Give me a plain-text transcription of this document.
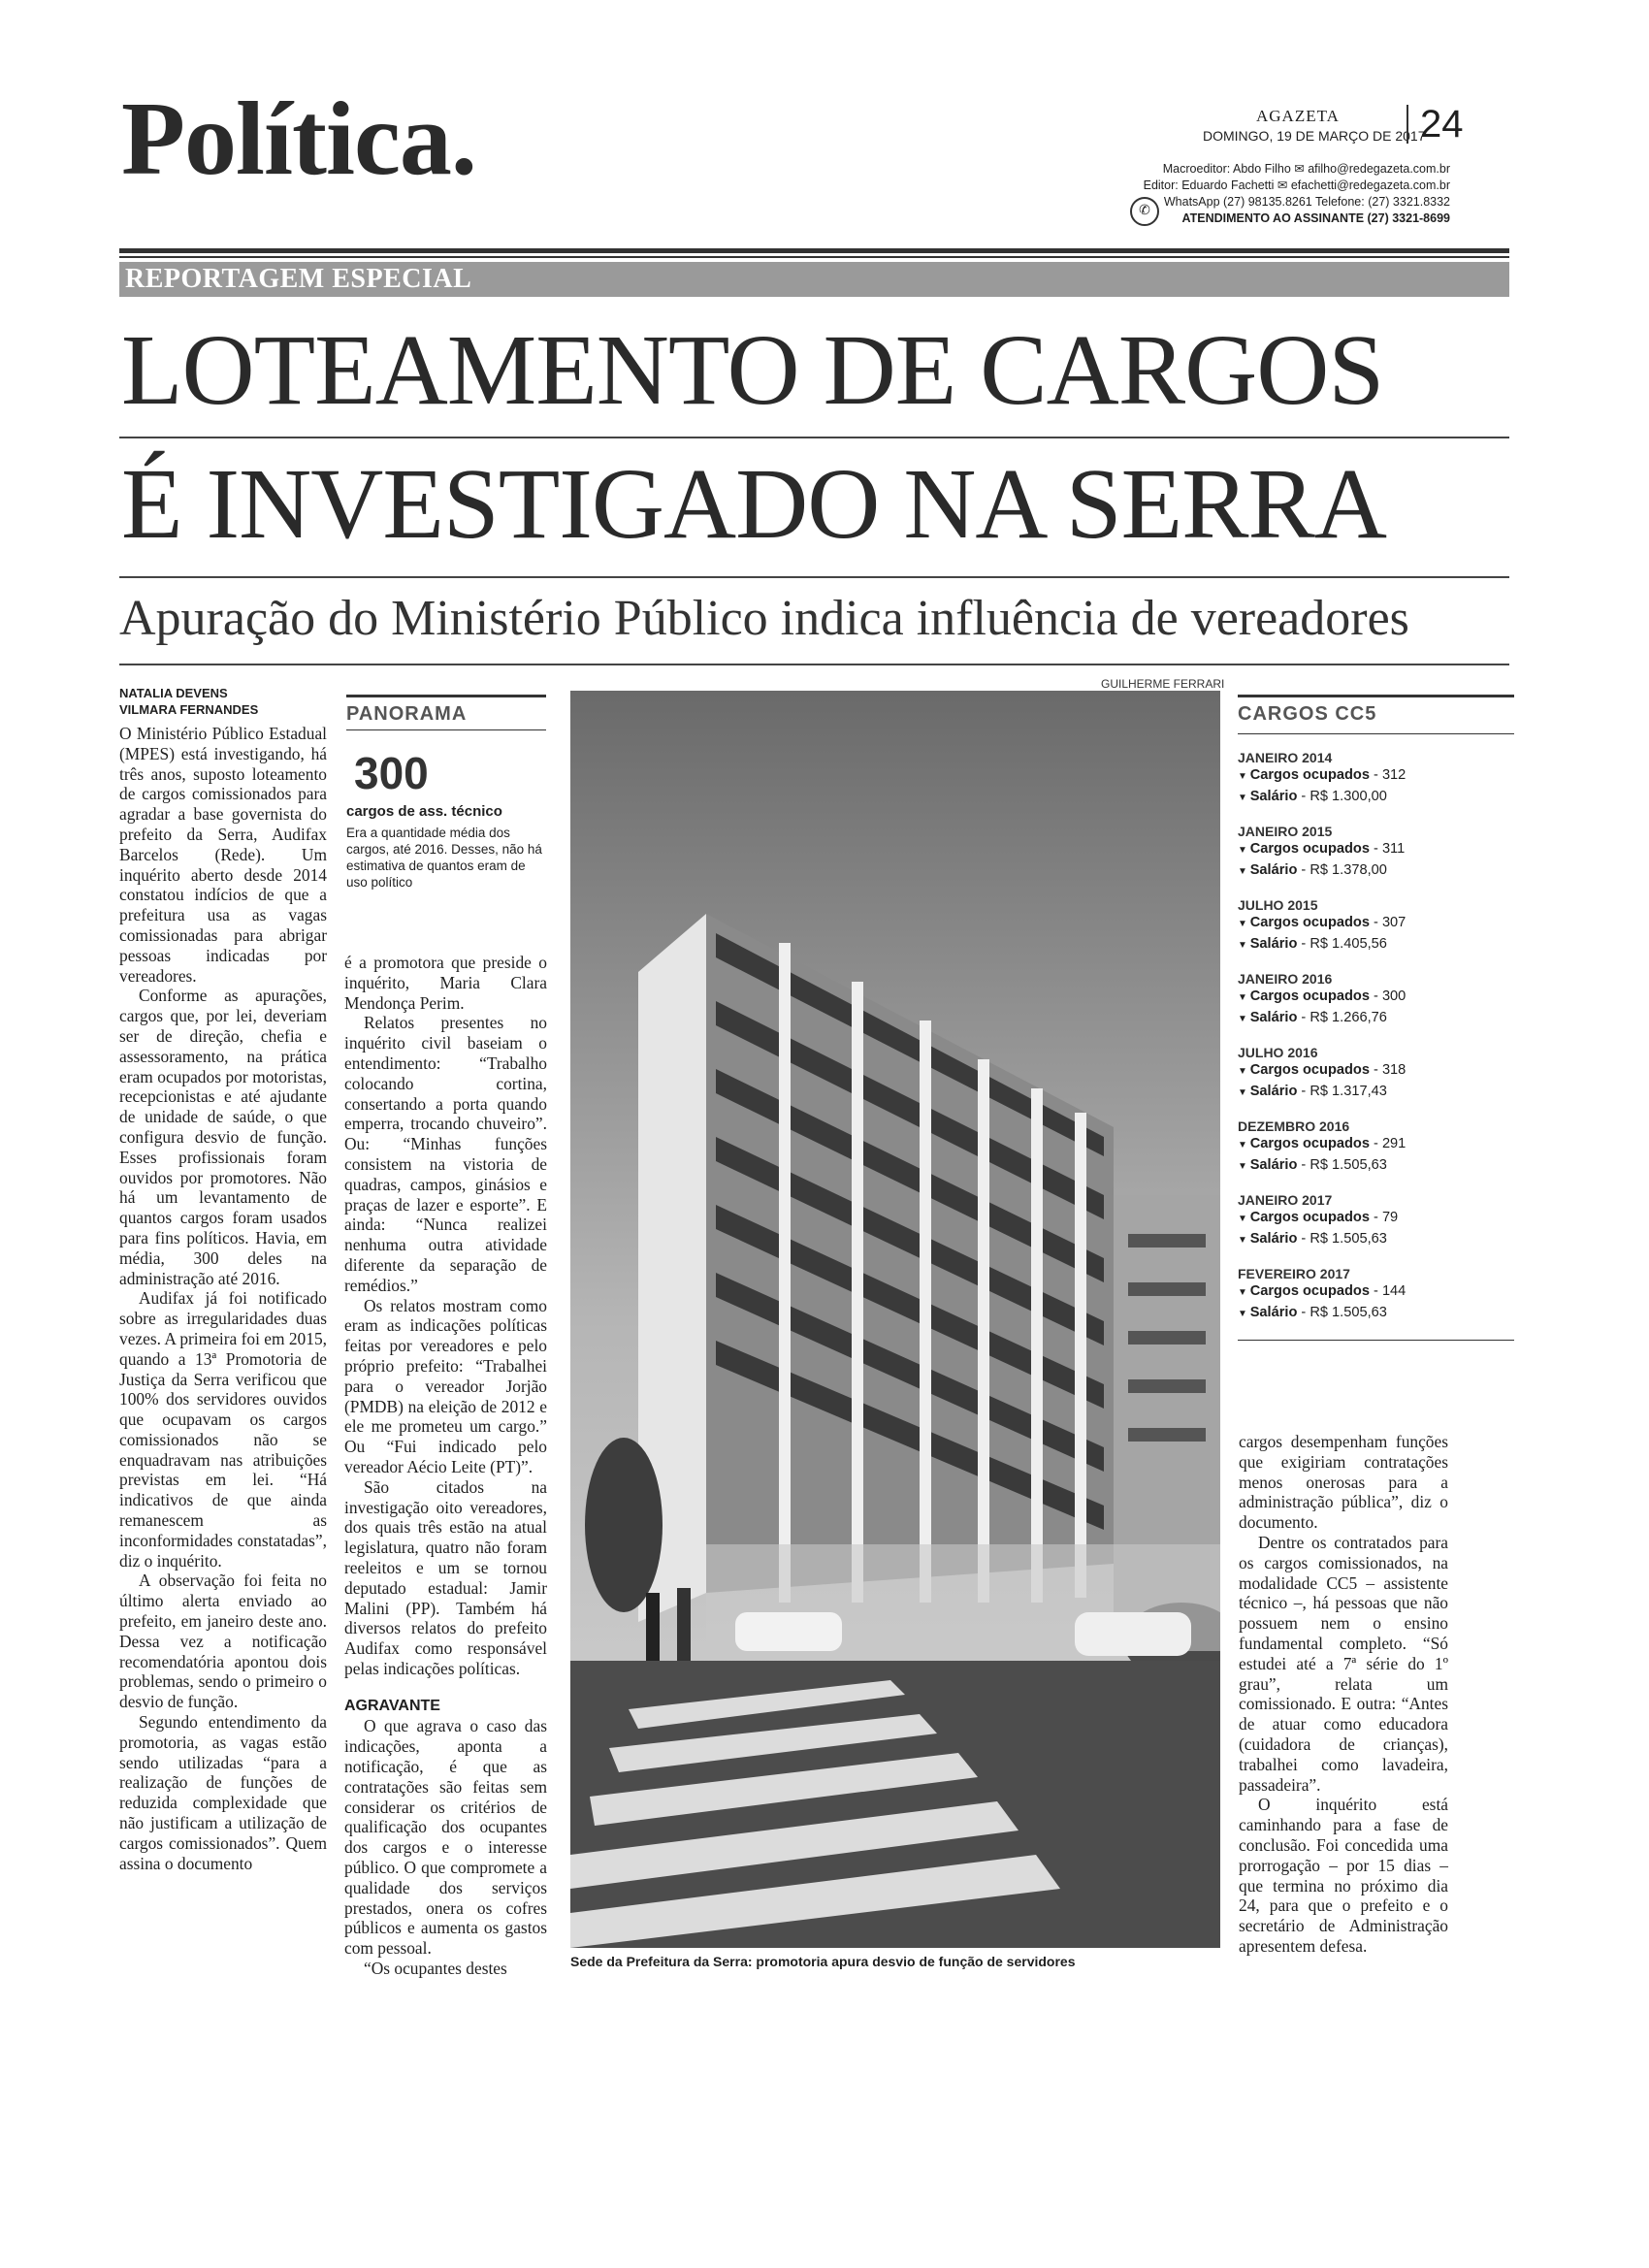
Política.	AGAZETA
DOMINGO, 19 DE MARÇO DE 2017
24
Macroeditor: Abdo Filho ✉ afilho@redegazeta.com.br
Editor: Eduardo Fachetti ✉ efachetti@redegazeta.com.br
WhatsApp (27) 98135.8261 Telefone: (27) 3321.8332
ATENDIMENTO AO ASSINANTE (27) 3321-8699
✆
REPORTAGEM ESPECIAL
LOTEAMENTO DE CARGOS
É INVESTIGADO NA SERRA
Apuração do Ministério Público indica influência de vereadores
GUILHERME FERRARI
NATALIA DEVENS
VILMARA FERNANDES

O Ministério Público Estadual (MPES) está investigando, há três anos, suposto loteamento de cargos comissionados para agradar a base governista do prefeito da Serra, Audifax Barcelos (Rede). Um inquérito aberto desde 2014 constatou indícios de que a prefeitura usa as vagas comissionadas para abrigar pessoas indicadas por vereadores.

Conforme as apurações, cargos que, por lei, deveriam ser de direção, chefia e assessoramento, na prática eram ocupados por motoristas, recepcionistas e até ajudante de unidade de saúde, o que configura desvio de função. Esses profissionais foram ouvidos por promotores. Não há um levantamento de quantos cargos foram usados para fins políticos. Havia, em média, 300 deles na administração até 2016.

Audifax já foi notificado sobre as irregularidades duas vezes. A primeira foi em 2015, quando a 13ª Promotoria de Justiça da Serra verificou que 100% dos servidores ouvidos que ocupavam os cargos comissionados não se enquadravam nas atribuições previstas em lei. “Há indicativos de que ainda remanescem as inconformidades constatadas”, diz o inquérito.

A observação foi feita no último alerta enviado ao prefeito, em janeiro deste ano. Dessa vez a notificação recomendatória apontou dois problemas, sendo o primeiro o desvio de função.

Segundo entendimento da promotoria, as vagas estão sendo utilizadas “para a realização de funções de reduzida complexidade que não justificam a utilização de cargos comissionados”. Quem assina o documento

PANORAMA
300
cargos de ass. técnico
Era a quantidade média dos cargos, até 2016. Desses, não há estimativa de quantos eram de uso político

é a promotora que preside o inquérito, Maria Clara Mendonça Perim.

Relatos presentes no inquérito civil baseiam o entendimento: “Trabalho colocando cortina, consertando a porta quando emperra, trocando chuveiro”. Ou: “Minhas funções consistem na vistoria de quadras, campos, ginásios e praças de lazer e esporte”. E ainda: “Nunca realizei nenhuma outra atividade diferente da separação de remédios.”

Os relatos mostram como eram as indicações políticas feitas por vereadores e pelo próprio prefeito: “Trabalhei para o vereador Jorjão (PMDB) na eleição de 2012 e ele me prometeu um cargo.” Ou “Fui indicado pelo vereador Aécio Leite (PT)”.

São citados na investigação oito vereadores, dos quais três estão na atual legislatura, quatro não foram reeleitos e um se tornou deputado estadual: Jamir Malini (PP). Também há diversos relatos do prefeito Audifax como responsável pelas indicações políticas.

AGRAVANTE

O que agrava o caso das indicações, aponta a notificação, é que as contratações são feitas sem considerar os critérios de qualificação dos ocupantes dos cargos e o interesse público. O que compromete a qualidade dos serviços prestados, onera os cofres públicos e aumenta os gastos com pessoal.

“Os ocupantes destes	Sede da Prefeitura da Serra: promotoria apura desvio de função de servidores
CARGOS CC5
JANEIRO 2014
▼ Cargos ocupados - 312
▼ Salário - R$ 1.300,00
JANEIRO 2015
▼ Cargos ocupados - 311
▼ Salário - R$ 1.378,00
JULHO 2015
▼ Cargos ocupados - 307
▼ Salário - R$ 1.405,56
JANEIRO 2016
▼ Cargos ocupados - 300
▼ Salário - R$ 1.266,76
JULHO 2016
▼ Cargos ocupados - 318
▼ Salário - R$ 1.317,43
DEZEMBRO 2016
▼ Cargos ocupados - 291
▼ Salário - R$ 1.505,63
JANEIRO 2017
▼ Cargos ocupados - 79
▼ Salário - R$ 1.505,63
FEVEREIRO 2017
▼ Cargos ocupados - 144
▼ Salário - R$ 1.505,63

cargos desempenham funções que exigiriam contratações menos onerosas para a administração pública”, diz o documento.

Dentre os contratados para os cargos comissionados, na modalidade CC5 – assistente técnico –, há pessoas que não possuem nem o ensino fundamental completo. “Só estudei até a 7ª série do 1º grau”, relata um comissionado. E outra: “Antes de atuar como educadora (cuidadora de crianças), trabalhei como lavadeira, passadeira”.

O inquérito está caminhando para a fase de conclusão. Foi concedida uma prorrogação – por 15 dias – que termina no próximo dia 24, para que o prefeito e o secretário de Administração apresentem defesa.
